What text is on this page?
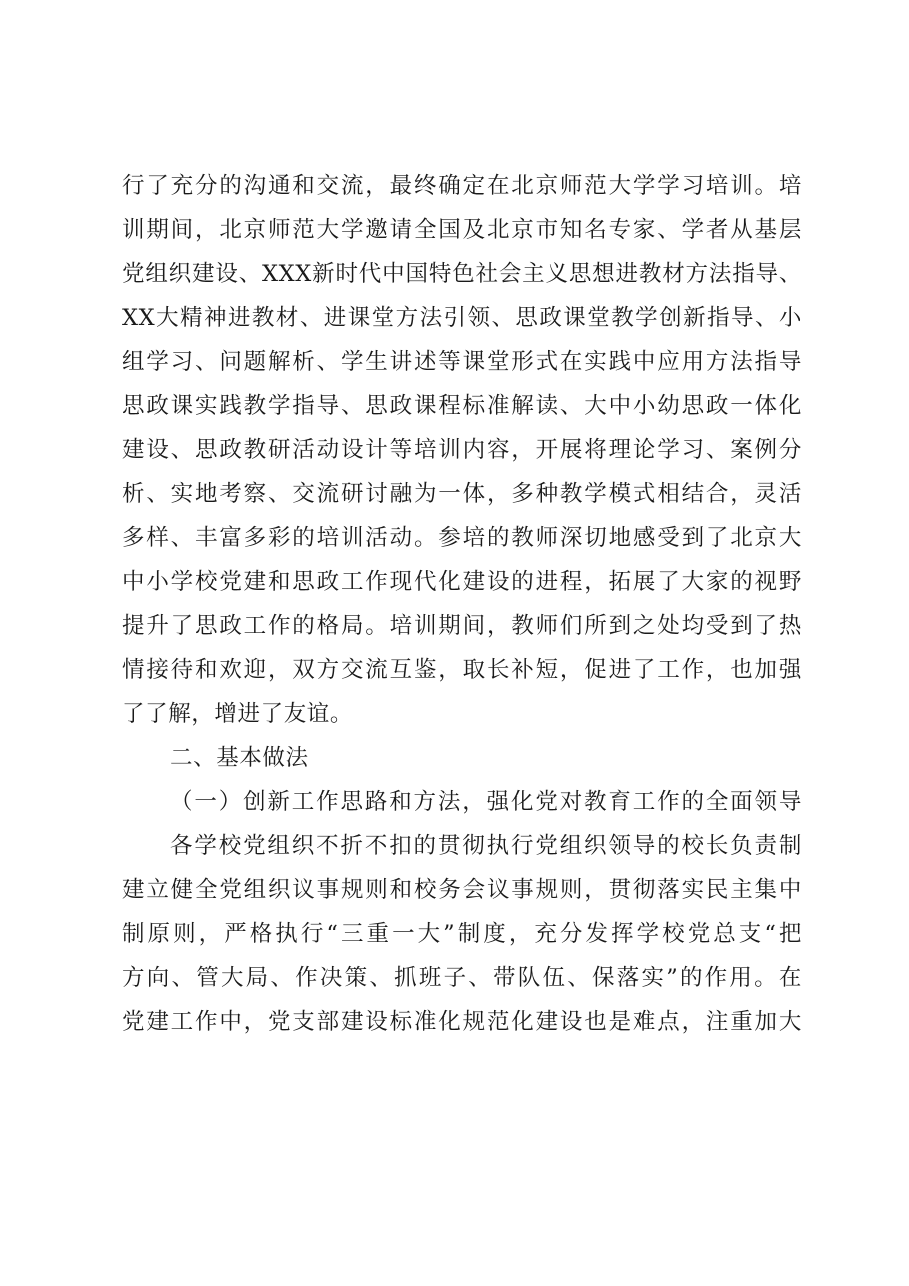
行了充分的沟通和交流，最终确定在北京师范大学学习培训。培
训期间，北京师范大学邀请全国及北京市知名专家、学者从基层
党组织建设、XXX新时代中国特色社会主义思想进教材方法指导、
XX大精神进教材、进课堂方法引领、思政课堂教学创新指导、小
组学习、问题解析、学生讲述等课堂形式在实践中应用方法指导
思政课实践教学指导、思政课程标准解读、大中小幼思政一体化
建设、思政教研活动设计等培训内容，开展将理论学习、案例分
析、实地考察、交流研讨融为一体，多种教学模式相结合，灵活
多样、丰富多彩的培训活动。参培的教师深切地感受到了北京大
中小学校党建和思政工作现代化建设的进程，拓展了大家的视野
提升了思政工作的格局。培训期间，教师们所到之处均受到了热
情接待和欢迎，双方交流互鉴，取长补短，促进了工作，也加强
了了解，增进了友谊。
二、基本做法
（一）创新工作思路和方法，强化党对教育工作的全面领导
各学校党组织不折不扣的贯彻执行党组织领导的校长负责制
建立健全党组织议事规则和校务会议事规则，贯彻落实民主集中
制原则，严格执行“三重一大”制度，充分发挥学校党总支“把
方向、管大局、作决策、抓班子、带队伍、保落实”的作用。在
党建工作中，党支部建设标准化规范化建设也是难点，注重加大
